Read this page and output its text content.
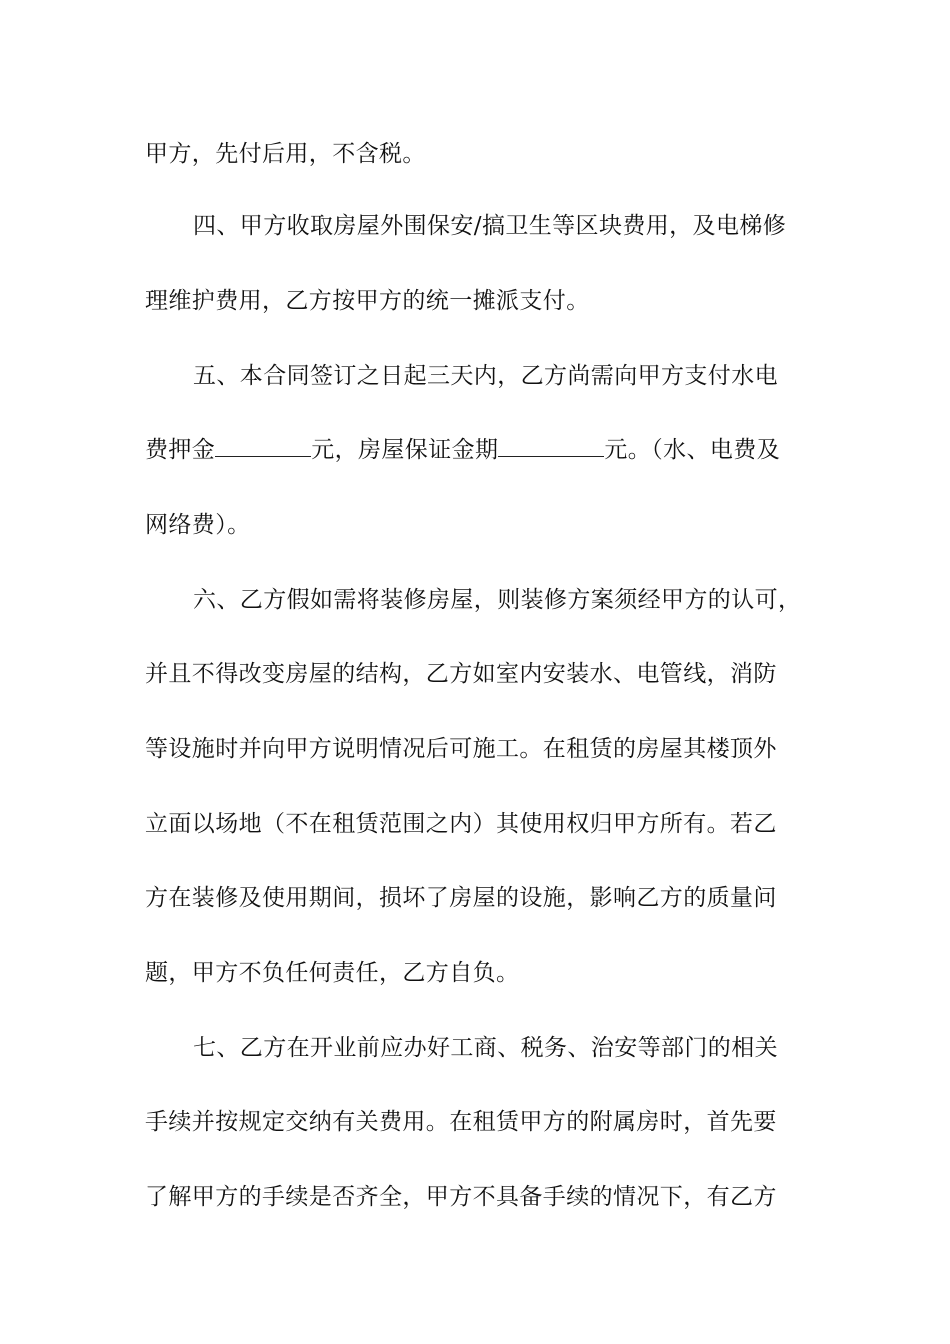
甲方，先付后用，不含税。
四、甲方收取房屋外围保安/搞卫生等区块费用，及电梯修
理维护费用，乙方按甲方的统一摊派支付。
五、本合同签订之日起三天内，乙方尚需向甲方支付水电
费押金	元，房屋保证金期	元。（水、电费及
网络费）。
六、乙方假如需将装修房屋，则装修方案须经甲方的认可，
并且不得改变房屋的结构，乙方如室内安装水、电管线，消防
等设施时并向甲方说明情况后可施工。在租赁的房屋其楼顶外
立面以场地（不在租赁范围之内）其使用权归甲方所有。若乙
方在装修及使用期间，损坏了房屋的设施，影响乙方的质量问
题，甲方不负任何责任，乙方自负。
七、乙方在开业前应办好工商、税务、治安等部门的相关
手续并按规定交纳有关费用。在租赁甲方的附属房时，首先要
了解甲方的手续是否齐全，甲方不具备手续的情况下，有乙方
